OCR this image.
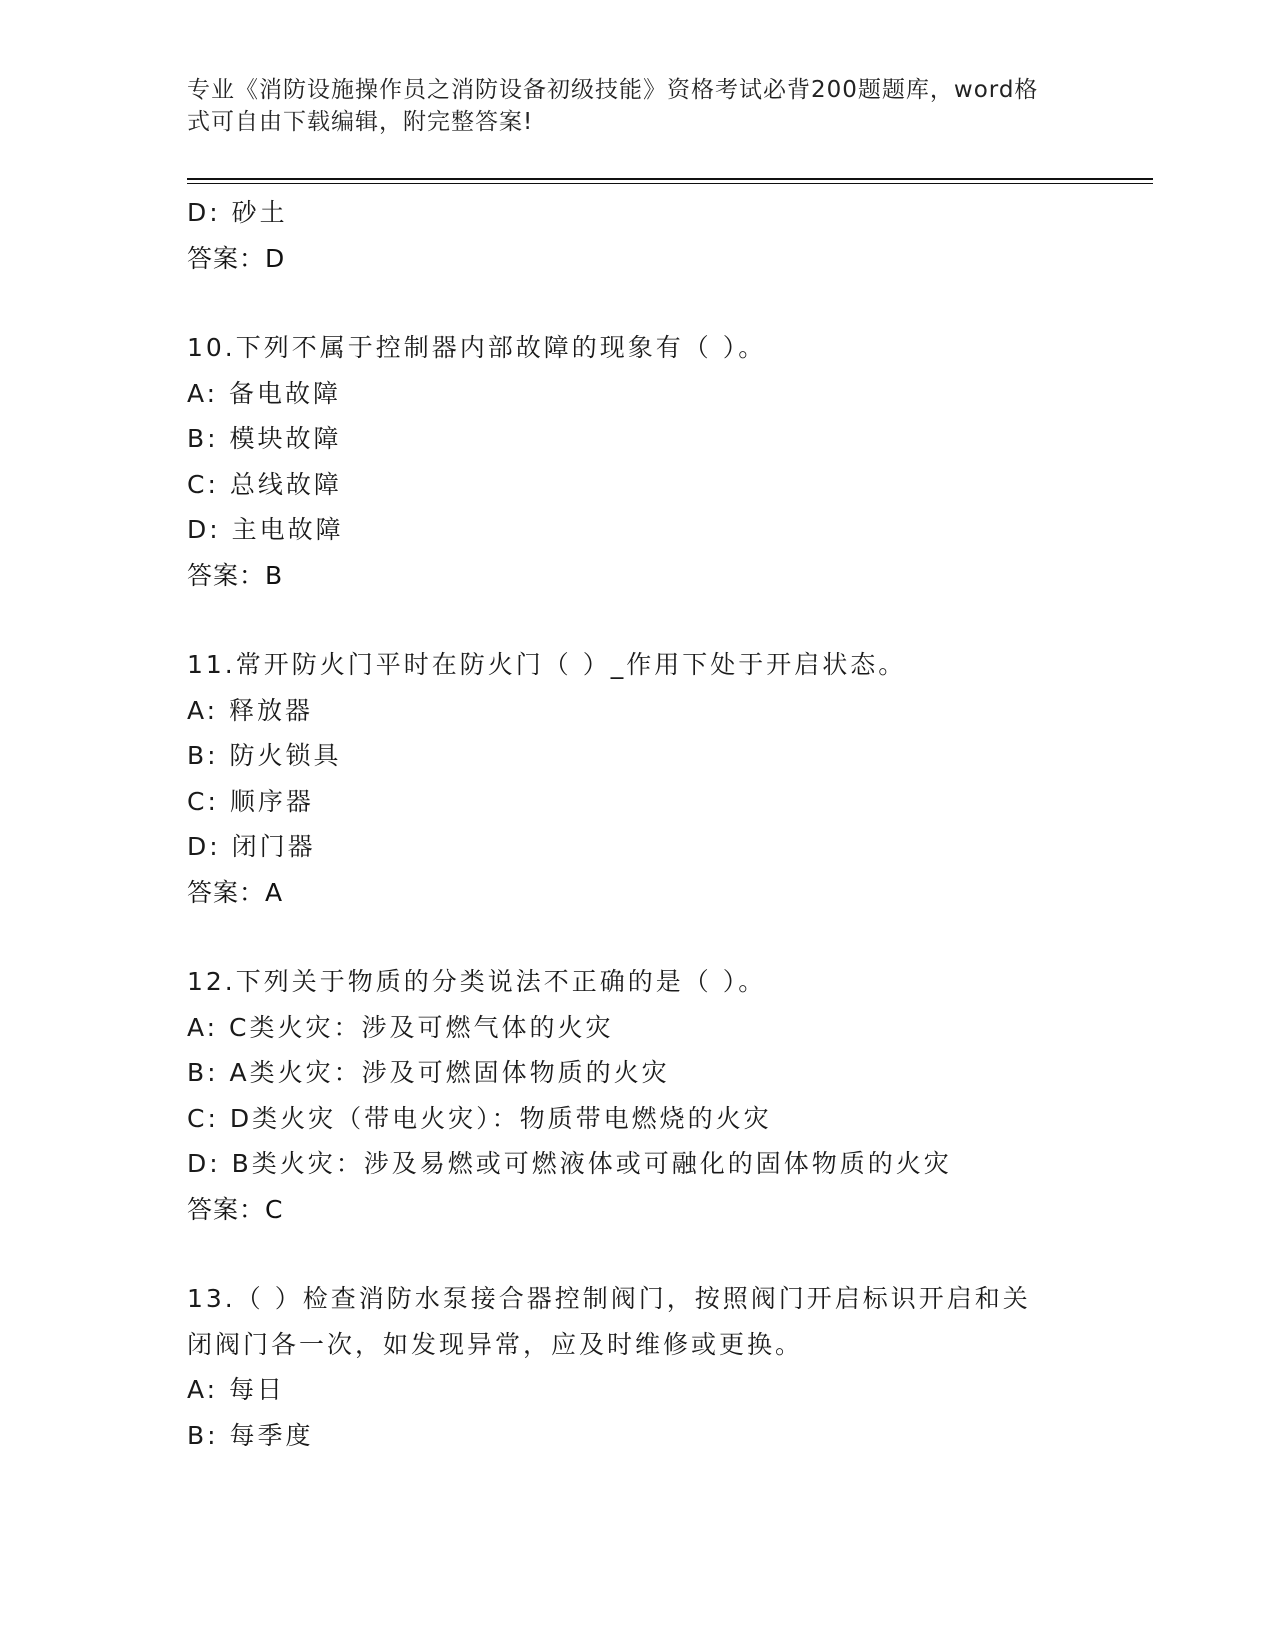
专业《消防设施操作员之消防设备初级技能》资格考试必背200题题库，word格
式可自由下载编辑，附完整答案!
D: 砂土
答案：D
10.下列不属于控制器内部故障的现象有（ ）。
A: 备电故障
B: 模块故障
C: 总线故障
D: 主电故障
答案：B
11.常开防火门平时在防火门（ ）_作用下处于开启状态。
A: 释放器
B: 防火锁具
C: 顺序器
D: 闭门器
答案：A
12.下列关于物质的分类说法不正确的是（ ）。
A: C类火灾：涉及可燃气体的火灾
B: A类火灾：涉及可燃固体物质的火灾
C: D类火灾（带电火灾）：物质带电燃烧的火灾
D: B类火灾：涉及易燃或可燃液体或可融化的固体物质的火灾
答案：C
13.（ ）检查消防水泵接合器控制阀门，按照阀门开启标识开启和关
闭阀门各一次，如发现异常，应及时维修或更换。
A: 每日
B: 每季度
